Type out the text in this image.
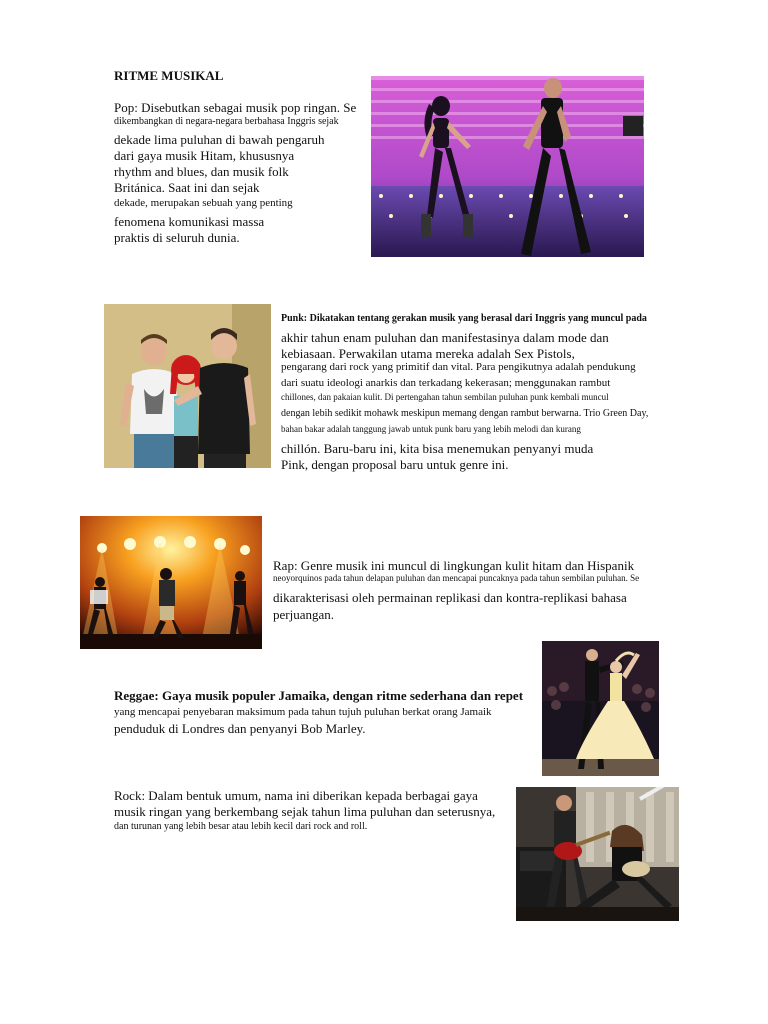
RITME MUSIKAL
Pop: Disebutkan sebagai musik pop ringan. Se
dikembangkan di negara-negara berbahasa Inggris sejak
dekade lima puluhan di bawah pengaruh
dari gaya musik Hitam, khususnya
rhythm and blues, dan musik folk
Británica. Saat ini dan sejak
dekade, merupakan sebuah yang penting
fenomena komunikasi massa
praktis di seluruh dunia.
Punk: Dikatakan tentang gerakan musik yang berasal dari Inggris yang muncul pada
akhir tahun enam puluhan dan manifestasinya dalam mode dan
kebiasaan. Perwakilan utama mereka adalah Sex Pistols,
pengarang dari rock yang primitif dan vital. Para pengikutnya adalah pendukung
dari suatu ideologi anarkis dan terkadang kekerasan; menggunakan rambut
chillones, dan pakaian kulit. Di pertengahan tahun sembilan puluhan punk kembali muncul
dengan lebih sedikit mohawk meskipun memang dengan rambut berwarna. Trio Green Day,
bahan bakar adalah tanggung jawab untuk punk baru yang lebih melodi dan kurang
chillón. Baru-baru ini, kita bisa menemukan penyanyi muda
Pink, dengan proposal baru untuk genre ini.
Rap: Genre musik ini muncul di lingkungan kulit hitam dan Hispanik
neoyorquinos pada tahun delapan puluhan dan mencapai puncaknya pada tahun sembilan puluhan. Se
dikarakterisasi oleh permainan replikasi dan kontra-replikasi bahasa
perjuangan.
Reggae: Gaya musik populer Jamaika, dengan ritme sederhana dan repet
yang mencapai penyebaran maksimum pada tahun tujuh puluhan berkat orang Jamaik
penduduk di Londres dan penyanyi Bob Marley.
Rock: Dalam bentuk umum, nama ini diberikan kepada berbagai gaya
musik ringan yang berkembang sejak tahun lima puluhan dan seterusnya,
dan turunan yang lebih besar atau lebih kecil dari rock and roll.
